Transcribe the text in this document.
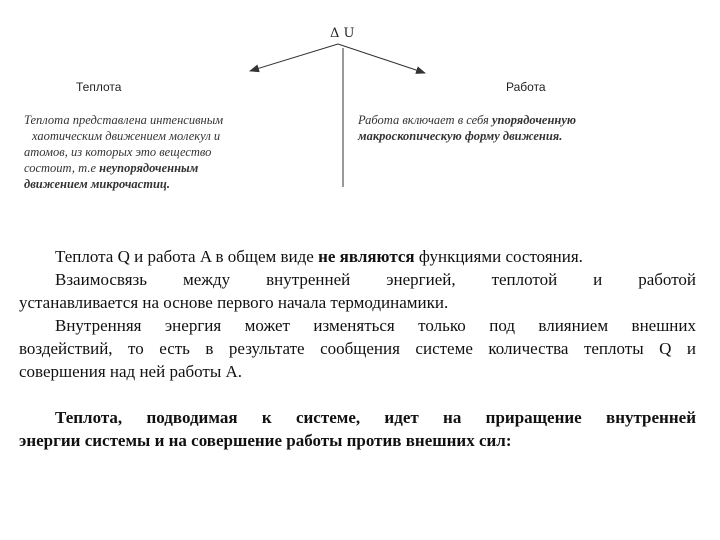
Δ U
Теплота	Работа
Теплота представлена интенсивным
хаотическим движением молекул и
атомов, из которых это вещество
состоит, т.е неупорядоченным
движением микрочастиц.
Работа включает в себя упорядоченную
макроскопическую форму движения.

Теплота Q и работа A в общем виде не являются функциями состояния.

Взаимосвязь между внутренней энергией, теплотой и работой
устанавливается на основе первого начала термодинамики.
Внутренняя энергия может изменяться только под влиянием внешних
воздействий, то есть в результате сообщения системе количества теплоты Q и
совершения над ней работы A.
Теплота, подводимая к системе, идет на приращение внутренней
энергии системы и на совершение работы против внешних сил:
